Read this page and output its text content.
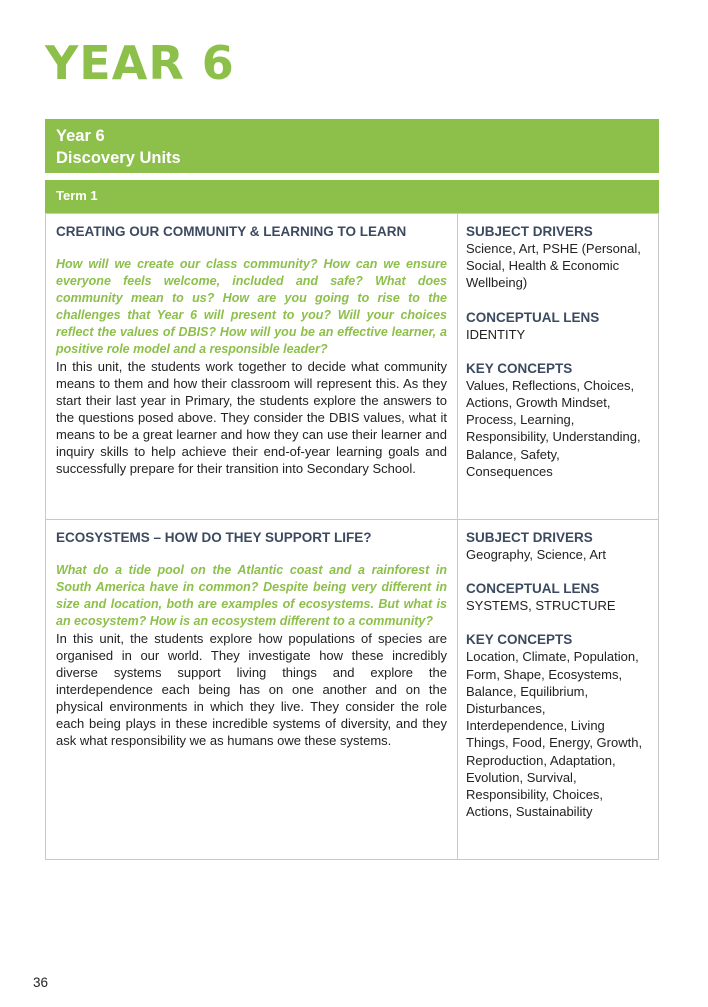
YEAR 6
Year 6
Discovery Units
Term 1
CREATING OUR COMMUNITY & LEARNING TO LEARN

How will we create our class community? How can we ensure everyone feels welcome, included and safe? What does community mean to us? How are you going to rise to the challenges that Year 6 will present to you? Will your choices reflect the values of DBIS? How will you be an effective learner, a positive role model and a responsible leader?

In this unit, the students work together to decide what community means to them and how their classroom will represent this. As they start their last year in Primary, the students explore the answers to the questions posed above. They consider the DBIS values, what it means to be a great learner and how they can use their learner and inquiry skills to help achieve their end-of-year learning goals and successfully prepare for their transition into Secondary School.

SUBJECT DRIVERS
Science, Art, PSHE (Personal, Social, Health & Economic Wellbeing)
CONCEPTUAL LENS
IDENTITY
KEY CONCEPTS
Values, Reflections, Choices, Actions, Growth Mindset, Process, Learning, Responsibility, Understanding, Balance, Safety, Consequences
ECOSYSTEMS – HOW DO THEY SUPPORT LIFE?

What do a tide pool on the Atlantic coast and a rainforest in South America have in common? Despite being very different in size and location, both are examples of ecosystems. But what is an ecosystem? How is an ecosystem different to a community?

In this unit, the students explore how populations of species are organised in our world. They investigate how these incredibly diverse systems support living things and explore the interdependence each being has on one another and on the physical environments in which they live. They consider the role each being plays in these incredible systems of diversity, and they ask what responsibility we as humans owe these systems.

SUBJECT DRIVERS
Geography, Science, Art
CONCEPTUAL LENS
SYSTEMS, STRUCTURE
KEY CONCEPTS
Location, Climate, Population, Form, Shape, Ecosystems, Balance, Equilibrium, Disturbances, Interdependence, Living Things, Food, Energy, Growth, Reproduction, Adaptation, Evolution, Survival, Responsibility, Choices, Actions, Sustainability
36
